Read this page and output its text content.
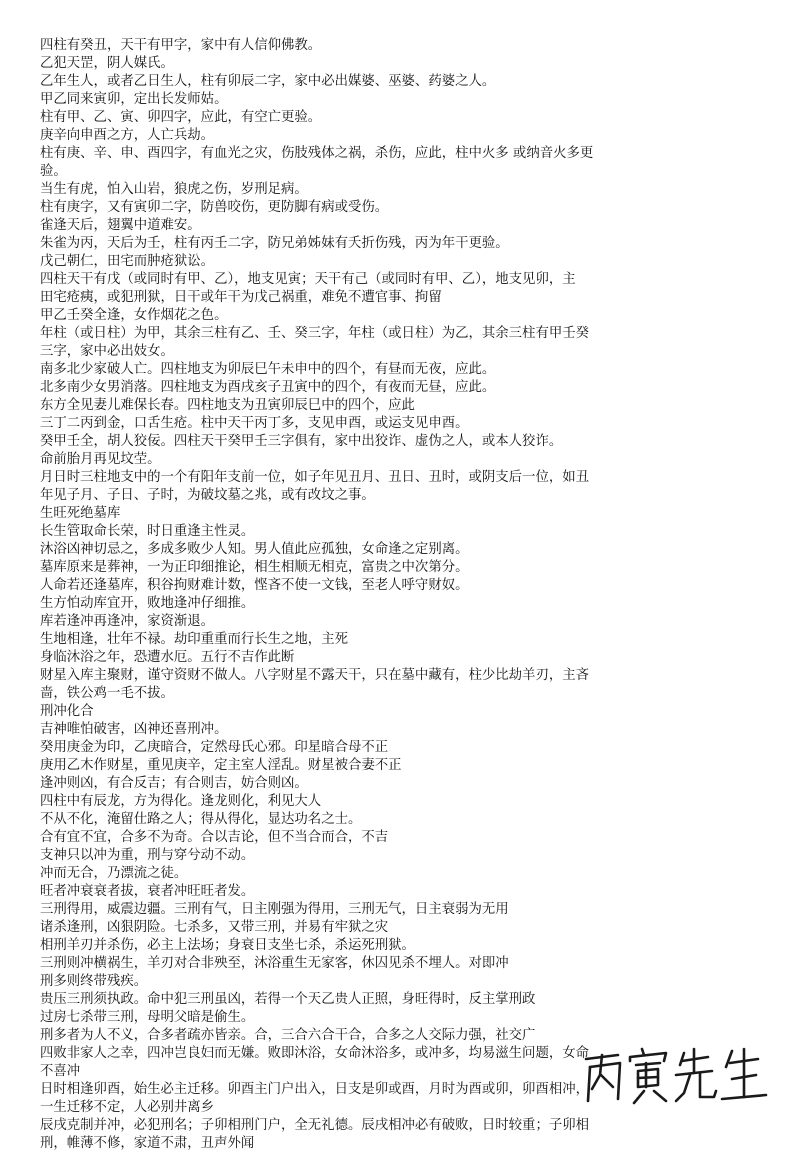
四柱有癸丑，天干有甲字，家中有人信仰佛教。
乙犯天罡，阴人媒氏。
乙年生人，或者乙日生人，柱有卯辰二字，家中必出媒婆、巫婆、药婆之人。
甲乙同来寅卯，定出长发师姑。
柱有甲、乙、寅、卯四字，应此，有空亡更验。
庚辛向申酉之方，人亡兵劫。
柱有庚、辛、申、酉四字，有血光之灾，伤肢残体之祸，杀伤，应此，柱中火多 或纳音火多更
验。
当生有虎，怕入山岩，狼虎之伤，岁刑足病。
柱有庚字，又有寅卯二字，防兽咬伤，更防脚有病或受伤。
雀逢天后，翅翼中道难安。
朱雀为丙，天后为壬，柱有丙壬二字，防兄弟姊妹有夭折伤残，丙为年干更验。
戊己朝仁，田宅而肿疮狱讼。
四柱天干有戊（或同时有甲、乙），地支见寅；天干有己（或同时有甲、乙），地支见卯，主
田宅疮痍，或犯刑狱，日干或年干为戊己祸重，难免不遭官事、拘留
甲乙壬癸全逢，女作烟花之色。
年柱（或日柱）为甲，其余三柱有乙、壬、癸三字，年柱（或日柱）为乙，其余三柱有甲壬癸
三字，家中必出妓女。
南多北少家破人亡。四柱地支为卯辰巳午未申中的四个，有昼而无夜，应此。
北多南少女男消落。四柱地支为酉戌亥子丑寅中的四个，有夜而无昼，应此。
东方全见妻儿难保长春。四柱地支为丑寅卯辰巳中的四个，应此
三丁二丙到金，口舌生疮。柱中天干丙丁多，支见申酉，或运支见申酉。
癸甲壬全，胡人狡佞。四柱天干癸甲壬三字俱有，家中出狡诈、虚伪之人，或本人狡诈。
命前胎月再见坟茔。
月日时三柱地支中的一个有阳年支前一位，如子年见丑月、丑日、丑时，或阴支后一位，如丑
年见子月、子日、子时，为破坟墓之兆，或有改坟之事。
生旺死绝墓库
长生管取命长荣，时日重逢主性灵。
沐浴凶神切忌之，多成多败少人知。男人值此应孤独，女命逢之定别离。
墓库原来是葬神，一为正印细推论，相生相顺无相克，富贵之中次第分。
人命若还逢墓库，积谷拘财难计数，悭吝不使一文钱，至老人呼守财奴。
生方怕动库宜开，败地逢冲仔细推。
库若逢冲再逢冲，家资渐退。
生地相逢，壮年不禄。劫印重重而行长生之地，主死
身临沐浴之年，恐遭水厄。五行不吉作此断
财星入库主聚财，谨守资财不做人。八字财星不露天干，只在墓中藏有，柱少比劫羊刃，主吝
啬，铁公鸡一毛不拔。
刑冲化合
吉神唯怕破害，凶神还喜刑冲。
癸用庚金为印，乙庚暗合，定然母氏心邪。印星暗合母不正
庚用乙木作财星，重见庚辛，定主室人淫乱。财星被合妻不正
逢冲则凶，有合反吉；有合则吉，妨合则凶。
四柱中有辰龙，方为得化。逢龙则化，利见大人
不从不化，淹留仕路之人；得从得化，显达功名之士。
合有宜不宜，合多不为奇。合以吉论，但不当合而合，不吉
支神只以冲为重，刑与穿兮动不动。
冲而无合，乃漂流之徒。
旺者冲衰衰者拔，衰者冲旺旺者发。
三刑得用，威震边疆。三刑有气，日主刚强为得用，三刑无气，日主衰弱为无用
诸杀逢刑，凶狠阴险。七杀多，又带三刑，并易有牢狱之灾
相刑羊刃并杀伤，必主上法场；身衰日支坐七杀，杀运死刑狱。
三刑则冲横祸生，羊刃对合非殃至，沐浴重生无家客，休囚见杀不埋人。对即冲
刑多则终带残疾。
贵压三刑须执政。命中犯三刑虽凶，若得一个天乙贵人正照，身旺得时，反主掌刑政
过房七杀带三刑，母明父暗是偷生。
刑多者为人不义，合多者疏亦皆亲。合，三合六合干合，合多之人交际力强，社交广
四败非家人之幸，四冲岂良妇而无嫌。败即沐浴，女命沐浴多，或冲多，均易滋生问题，女命
不喜冲
日时相逢卯酉，始生必主迁移。卯酉主门户出入，日支是卯或酉，月时为酉或卯，卯酉相冲，
一生迁移不定，人必别井离乡
辰戌克制并冲，必犯刑名；子卯相刑门户，全无礼德。辰戌相冲必有破败，日时较重；子卯相
刑，帷薄不修，家道不肃，丑声外闻
